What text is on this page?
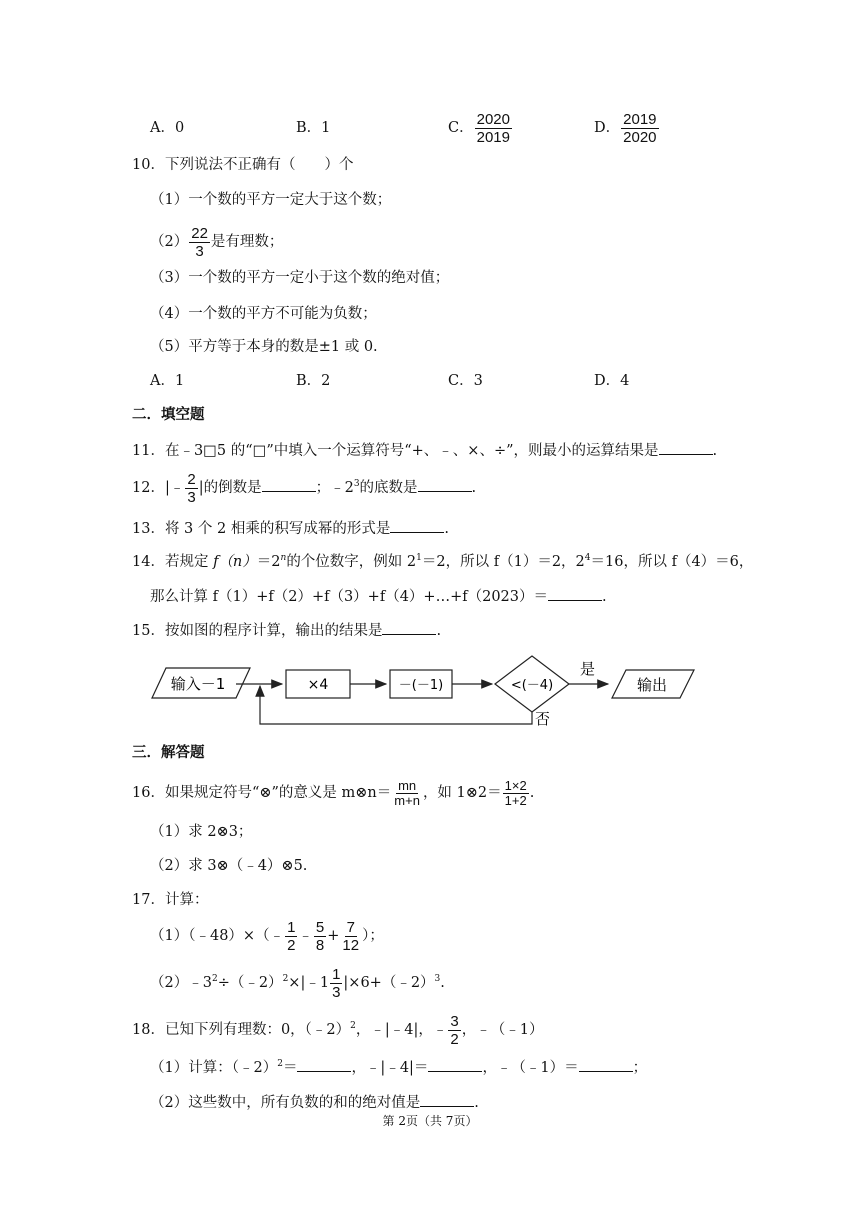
A．0	B．1	C． $\frac{2020}{2019}$	D． $\frac{2019}{2020}$
10．下列说法不正确有（　　）个
（1）一个数的平方一定大于这个数；
$(2) \frac{22}{3}$ 是有理数；
（3）一个数的平方一定小于这个数的绝对值；
（4）一个数的平方不可能为负数；
（5）平方等于本身的数是±1 或 0.
A．1	B．2	C．3	D．4
二．填空题
11．在﹣3□5 的“□”中填入一个运算符号“+、﹣、×、÷”，则最小的运算结果是	.
12．|﹣ $\frac{2}{3}$ |的倒数是	；$﹣2^3$的底数是	.
13．将 3 个 2 相乘的积写成幂的形式是	.
14．若规定 $f(n)=2^n$的个位数字，例如 $2^1=2$，所以 f（1）＝2，$2^4=16$，所以 f（4）＝6，
那么计算 f（1）+f（2）+f（3）+f（4）+…+f（2023）＝	.
15．按如图的程序计算，输出的结果是	.
输入－1	×4	－(－1)	<(－4)
是
输出
否
三．解答题
16．如果规定符号“⊗”的意义是 m⊗n＝ $\frac{mn}{m+n}$ ，如 1⊗2＝ $\frac{1\times 2}{1+2}$ .
（1）求 2⊗3；
（2）求 3⊗（﹣4）⊗5.
17．计算：
（1）（﹣48）×（﹣ $\frac{1}{2}$ ﹣ $\frac{5}{8} + \frac{7}{12}$ ）；
$(2)﹣3^2\div(﹣2)^2\times|﹣1 \frac{1}{3}$ |×6+（﹣2）$^3$.
18．已知下列有理数：0，（﹣2）$^2$，﹣|﹣4|，﹣ $\frac{3}{2}$ ，﹣（﹣1）
（1）计算：（﹣2）$^2$＝	，﹣|﹣4|＝	，﹣（﹣1）＝	；
（2）这些数中，所有负数的和的绝对值是	.
第 2页（共 7页）
